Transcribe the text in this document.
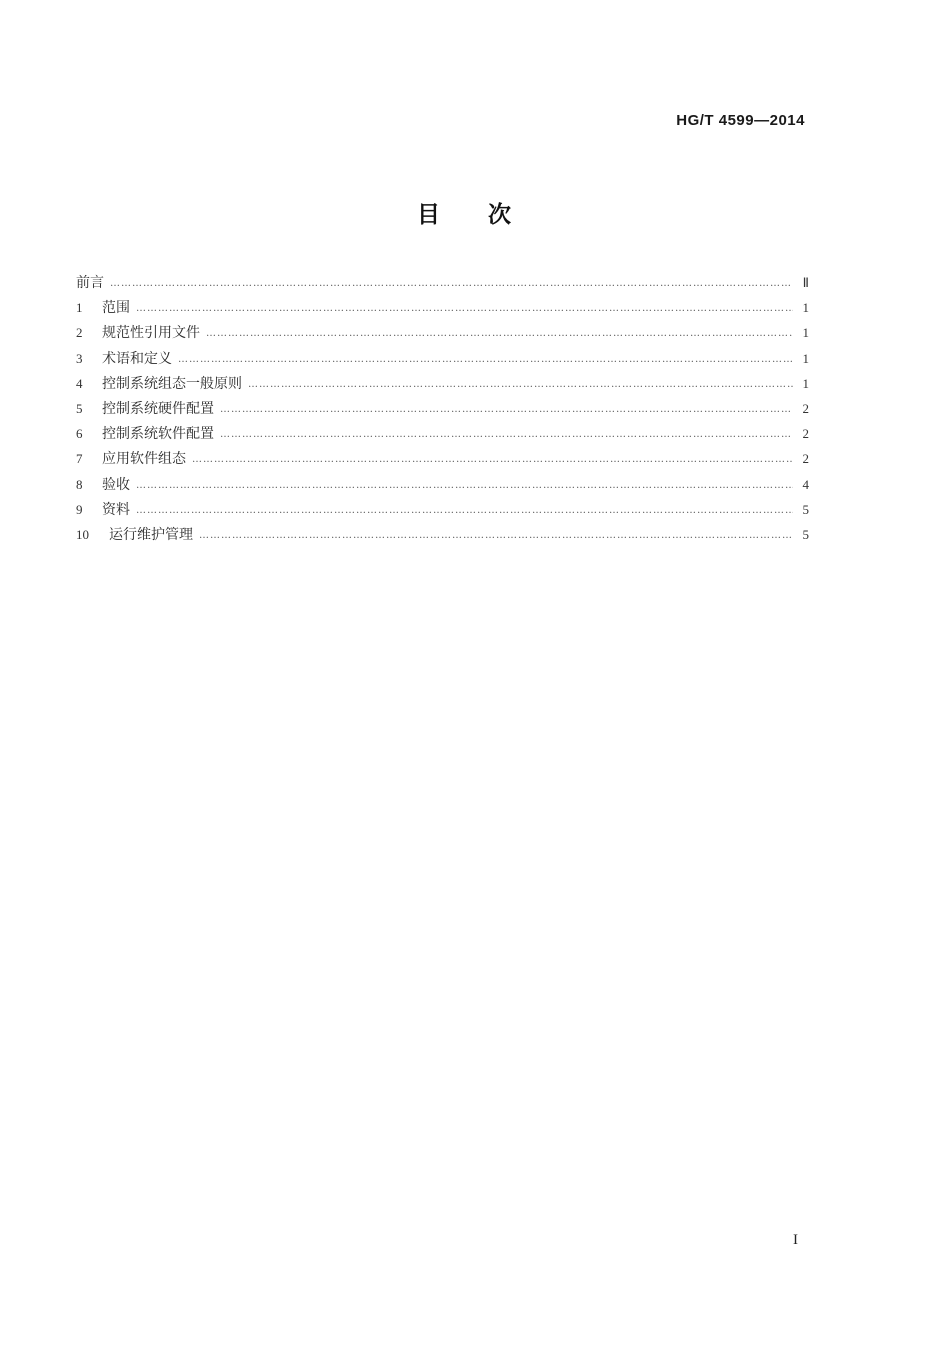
HG/T 4599—2014
目次
前言 ………………………………………………………………………………………………………………………………………………………………………………………………………………………………	Ⅱ
1	范围 ………………………………………………………………………………………………………………………………………………………………………………………………………………………………	1
2	规范性引用文件 ………………………………………………………………………………………………………………………………………………………………………………………………………………………………	1
3	术语和定义 ………………………………………………………………………………………………………………………………………………………………………………………………………………………………	1
4	控制系统组态一般原则 ………………………………………………………………………………………………………………………………………………………………………………………………………………………………	1
5	控制系统硬件配置 ………………………………………………………………………………………………………………………………………………………………………………………………………………………………	2
6	控制系统软件配置 ………………………………………………………………………………………………………………………………………………………………………………………………………………………………	2
7	应用软件组态 ………………………………………………………………………………………………………………………………………………………………………………………………………………………………	2
8	验收 ………………………………………………………………………………………………………………………………………………………………………………………………………………………………	4
9	资料 ………………………………………………………………………………………………………………………………………………………………………………………………………………………………	5
10	运行维护管理 ………………………………………………………………………………………………………………………………………………………………………………………………………………………………	5
I
